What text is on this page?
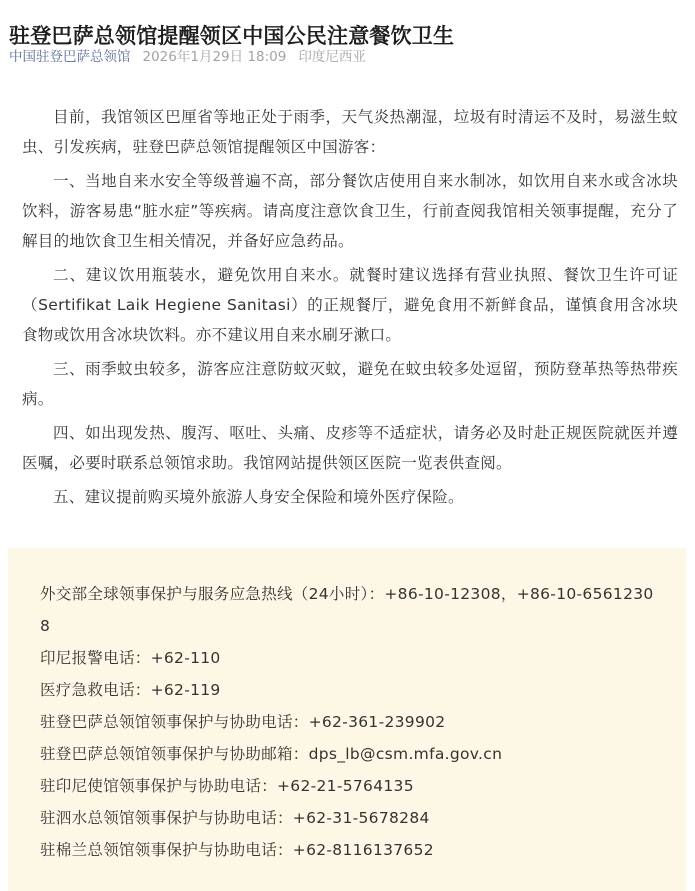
驻登巴萨总领馆提醒领区中国公民注意餐饮卫生
中国驻登巴萨总领馆 2026年1月29日 18:09 印度尼西亚

目前，我馆领区巴厘省等地正处于雨季，天气炎热潮湿，垃圾有时清运不及时，易滋生蚊虫、引发疾病，驻登巴萨总领馆提醒领区中国游客：

一、当地自来水安全等级普遍不高，部分餐饮店使用自来水制冰，如饮用自来水或含冰块饮料，游客易患“脏水症”等疾病。请高度注意饮食卫生，行前查阅我馆相关领事提醒，充分了解目的地饮食卫生相关情况，并备好应急药品。

二、建议饮用瓶装水，避免饮用自来水。就餐时建议选择有营业执照、餐饮卫生许可证（Sertifikat Laik Hegiene Sanitasi）的正规餐厅，避免食用不新鲜食品，谨慎食用含冰块食物或饮用含冰块饮料。亦不建议用自来水刷牙漱口。

三、雨季蚊虫较多，游客应注意防蚊灭蚊，避免在蚊虫较多处逗留，预防登革热等热带疾病。

四、如出现发热、腹泻、呕吐、头痛、皮疹等不适症状，请务必及时赴正规医院就医并遵医嘱，必要时联系总领馆求助。我馆网站提供领区医院一览表供查阅。

五、建议提前购买境外旅游人身安全保险和境外医疗保险。

外交部全球领事保护与服务应急热线（24小时）：+86-10-12308，+86-10-65612308
印尼报警电话：+62-110
医疗急救电话：+62-119
驻登巴萨总领馆领事保护与协助电话：+62-361-239902
驻登巴萨总领馆领事保护与协助邮箱：dps_lb@csm.mfa.gov.cn
驻印尼使馆领事保护与协助电话：+62-21-5764135
驻泗水总领馆领事保护与协助电话：+62-31-5678284
驻棉兰总领馆领事保护与协助电话：+62-8116137652
